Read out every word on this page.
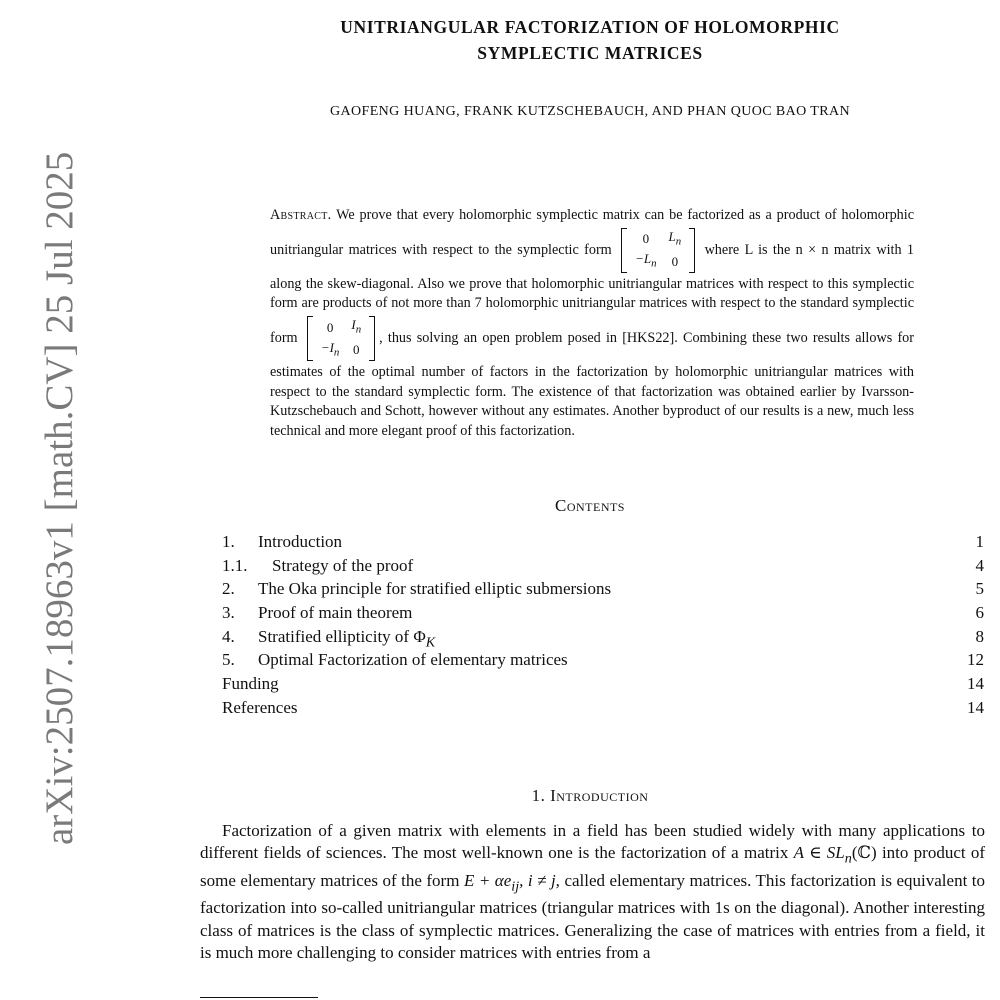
arXiv:2507.18963v1 [math.CV] 25 Jul 2025
UNITRIANGULAR FACTORIZATION OF HOLOMORPHIC
SYMPLECTIC MATRICES
GAOFENG HUANG, FRANK KUTZSCHEBAUCH, AND PHAN QUOC BAO TRAN
Abstract. We prove that every holomorphic symplectic matrix can be factorized as a product of holomorphic unitriangular matrices with respect to the symplectic form
0	$L_n$
$-L_n$	0
where L is the n × n matrix with 1 along the skew-diagonal. Also we prove that holomorphic unitriangular matrices with respect to this symplectic form are products of not more than 7 holomorphic unitriangular matrices with respect to the standard symplectic form
0	$I_n$
$-I_n$	0
, thus solving an open problem posed in [HKS22]. Combining these two results allows for estimates of the optimal number of factors in the factorization by holomorphic unitriangular matrices with respect to the standard symplectic form. The existence of that factorization was obtained earlier by Ivarsson-Kutzschebauch and Schott, however without any estimates. Another byproduct of our results is a new, much less technical and more elegant proof of this factorization.
Contents
1.	Introduction	1
1.1.	Strategy of the proof	4
2.	The Oka principle for stratified elliptic submersions	5
3.	Proof of main theorem	6
4.	Stratified ellipticity of $\Phi_K$	8
5.	Optimal Factorization of elementary matrices	12
Funding	14
References	14
1. Introduction

Factorization of a given matrix with elements in a field has been studied widely with many applications to different fields of sciences. The most well-known one is the factorization of a matrix A ∈ $SL_n(ℂ)$ into product of some elementary matrices of the form $E + \alpha e_{ij}$, i ≠ j, called elementary matrices. This factorization is equivalent to factorization into so-called unitriangular matrices (triangular matrices with 1s on the diagonal). Another interesting class of matrices is the class of symplectic matrices. Generalizing the case of matrices with entries from a field, it is much more challenging to consider matrices with entries from a
